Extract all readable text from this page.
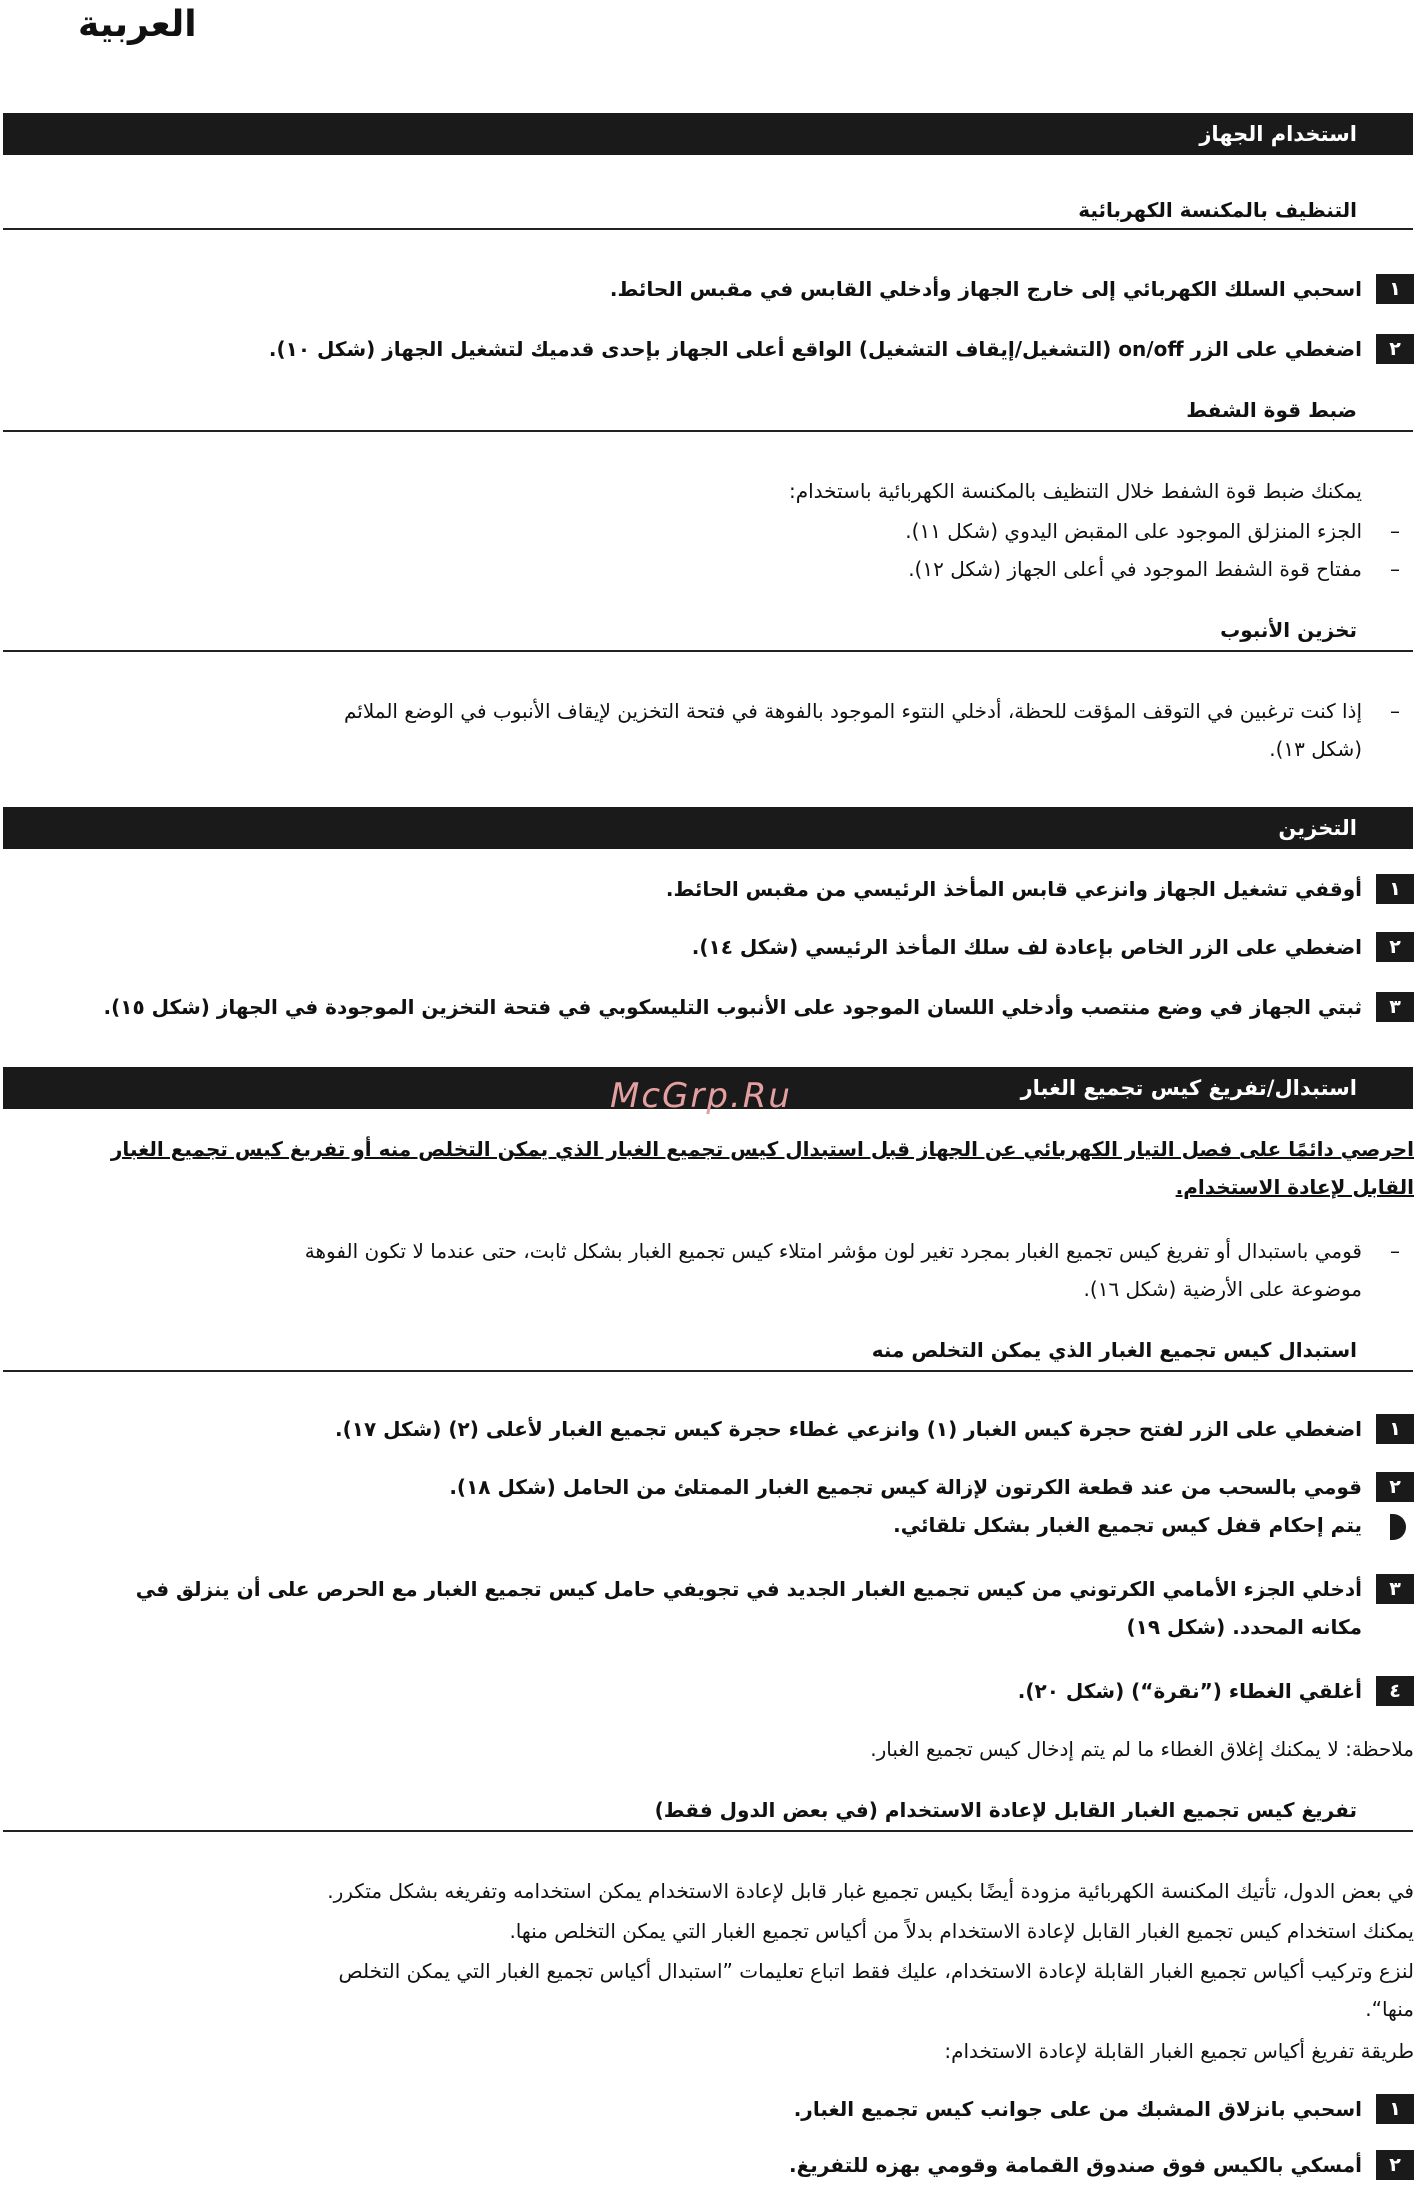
العربية
استخدام الجهاز
التنظيف بالمكنسة الكهربائية
١
اسحبي السلك الكهربائي إلى خارج الجهاز وأدخلي القابس في مقبس الحائط.
٢
اضغطي على الزر on/off (التشغيل/إيقاف التشغيل) الواقع أعلى الجهاز بإحدى قدميك لتشغيل الجهاز (شكل ١٠).
ضبط قوة الشفط
يمكنك ضبط قوة الشفط خلال التنظيف بالمكنسة الكهربائية باستخدام:
–
الجزء المنزلق الموجود على المقبض اليدوي (شكل ١١).
–
مفتاح قوة الشفط الموجود في أعلى الجهاز (شكل ١٢).
تخزين الأنبوب
–
إذا كنت ترغبين في التوقف المؤقت للحظة، أدخلي النتوء الموجود بالفوهة في فتحة التخزين لإيقاف الأنبوب في الوضع الملائم
(شكل ١٣).
التخزين
١
أوقفي تشغيل الجهاز وانزعي قابس المأخذ الرئيسي من مقبس الحائط.
٢
اضغطي على الزر الخاص بإعادة لف سلك المأخذ الرئيسي (شكل ١٤).
٣
ثبتي الجهاز في وضع منتصب وأدخلي اللسان الموجود على الأنبوب التليسكوبي في فتحة التخزين الموجودة في الجهاز (شكل ١٥).
استبدال/تفريغ كيس تجميع الغبار
McGrp.Ru
احرصي دائمًا على فصل التيار الكهربائي عن الجهاز قبل استبدال كيس تجميع الغبار الذي يمكن التخلص منه أو تفريغ كيس تجميع الغبار
القابل لإعادة الاستخدام.
–
قومي باستبدال أو تفريغ كيس تجميع الغبار بمجرد تغير لون مؤشر امتلاء كيس تجميع الغبار بشكل ثابت، حتى عندما لا تكون الفوهة
موضوعة على الأرضية (شكل ١٦).
استبدال كيس تجميع الغبار الذي يمكن التخلص منه
١
اضغطي على الزر لفتح حجرة كيس الغبار (١) وانزعي غطاء حجرة كيس تجميع الغبار لأعلى (٢) (شكل ١٧).
٢
قومي بالسحب من عند قطعة الكرتون لإزالة كيس تجميع الغبار الممتلئ من الحامل (شكل ١٨).
يتم إحكام قفل كيس تجميع الغبار بشكل تلقائي.
٣
أدخلي الجزء الأمامي الكرتوني من كيس تجميع الغبار الجديد في تجويفي حامل كيس تجميع الغبار مع الحرص على أن ينزلق في
مكانه المحدد. (شكل ١٩)
٤
أغلقي الغطاء (”نقرة“) (شكل ٢٠).
ملاحظة: لا يمكنك إغلاق الغطاء ما لم يتم إدخال كيس تجميع الغبار.
تفريغ كيس تجميع الغبار القابل لإعادة الاستخدام (في بعض الدول فقط)
في بعض الدول، تأتيك المكنسة الكهربائية مزودة أيضًا بكيس تجميع غبار قابل لإعادة الاستخدام يمكن استخدامه وتفريغه بشكل متكرر.
يمكنك استخدام كيس تجميع الغبار القابل لإعادة الاستخدام بدلاً من أكياس تجميع الغبار التي يمكن التخلص منها.
لنزع وتركيب أكياس تجميع الغبار القابلة لإعادة الاستخدام، عليك فقط اتباع تعليمات ”استبدال أكياس تجميع الغبار التي يمكن التخلص
منها“.
طريقة تفريغ أكياس تجميع الغبار القابلة لإعادة الاستخدام:
١
اسحبي بانزلاق المشبك من على جوانب كيس تجميع الغبار.
٢
أمسكي بالكيس فوق صندوق القمامة وقومي بهزه للتفريغ.
